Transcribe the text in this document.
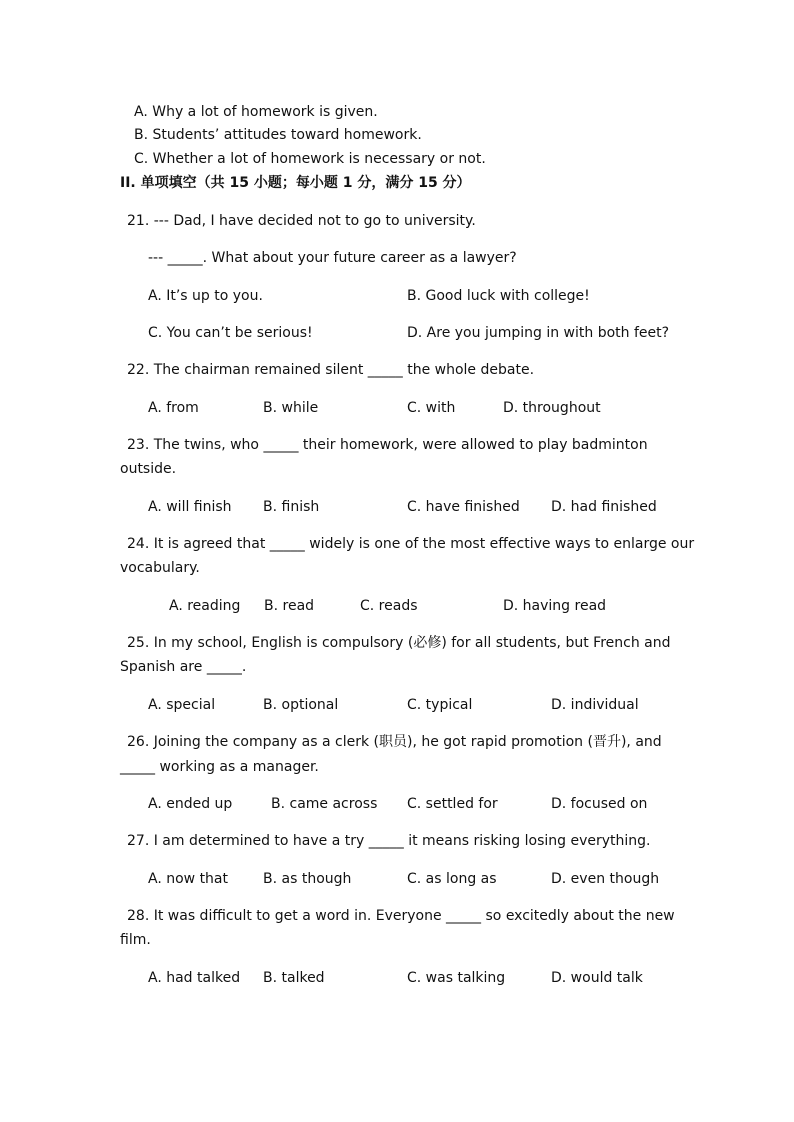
A. Why a lot of homework is given.
B. Students’ attitudes toward homework.
C. Whether a lot of homework is necessary or not.
II. 单项填空（共 15 小题；每小题 1 分，满分 15 分）
21. --- Dad, I have decided not to go to university.
--- _____. What about your future career as a lawyer?
A. It’s up to you.	B. Good luck with college!
C. You can’t be serious!	D. Are you jumping in with both feet?
22. The chairman remained silent _____ the whole debate.
A. from	B. while	C. with	D. throughout
23. The twins, who _____ their homework, were allowed to play badminton
outside.
A. will finish B. finish	C. have finished D. had finished
24. It is agreed that _____ widely is one of the most effective ways to enlarge our
vocabulary.
A. reading B. read	C. reads	D. having read
25. In my school, English is compulsory (必修) for all students, but French and
Spanish are _____.
A. special	B. optional	C. typical	D. individual
26. Joining the company as a clerk (职员), he got rapid promotion (晋升), and
_____ working as a manager.
A. ended up	B. came across C. settled for	D. focused on
27. I am determined to have a try _____ it means risking losing everything.
A. now that B. as though	C. as long as	D. even though
28. It was difficult to get a word in. Everyone _____ so excitedly about the new
film.
A. had talked B. talked	C. was talking	D. would talk
